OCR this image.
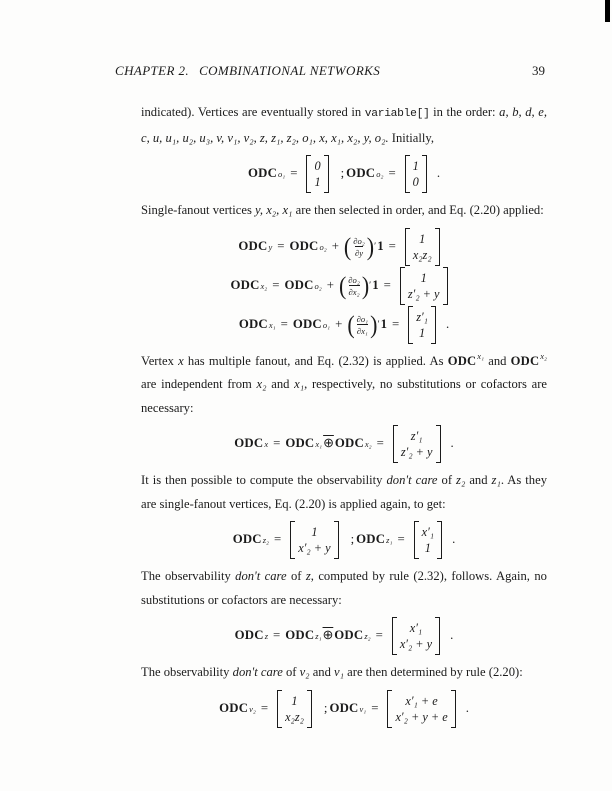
CHAPTER 2. COMBINATIONAL NETWORKS	39

indicated). Vertices are eventually stored in variable[] in the order: a, b, d, e, c, u, u₁, u₂, u₃, v, v₁, v₂, z, z₁, z₂, o₁, x, x₁, x₂, y, o₂. Initially,

ODC o₁ =
0
1
; ODC o₂ =
1
0
.

Single-fanout vertices y, x₂, x₁ are then selected in order, and Eq. (2.20) applied:

ODC y = ODC o₂ + ( $\frac{\text{∂o₂}}{\partial y}$ ) ′ 1 =
1
x₂z₂
ODC x₂ = ODC o₂ + ( $\frac{\text{∂o₂}}{\text{∂x₂}}$ ) ′ 1 =
1
z′₂ + y
ODC x₁ = ODC o₁ + ( $\frac{\text{∂o₁}}{\text{∂x₁}}$ ) ′ 1 =
z′₁
1
.

Vertex x has multiple fanout, and Eq. (2.32) is applied. As $ODC^{x_1}$ and $ODC^{x_2}$ are independent from x₂ and x₁, respectively, no substitutions or cofactors are necessary:

ODC x = ODC x₁ ⊕ ODC x₂ =
z′₁
z′₂ + y
.

It is then possible to compute the observability don't care of z₂ and z₁. As they are single-fanout vertices, Eq. (2.20) is applied again, to get:

ODC z₂ =
1
x′₂ + y
; ODC z₁ =
x′₁
1
.

The observability don't care of z, computed by rule (2.32), follows. Again, no substitutions or cofactors are necessary:

ODC z = ODC z₁ ⊕ ODC z₂ =
x′₁
x′₂ + y
.

The observability don't care of v₂ and v₁ are then determined by rule (2.20):

ODC v₂ =
1
x₂z₂
; ODC v₁ =
x′₁ + e
x′₂ + y + e
.
